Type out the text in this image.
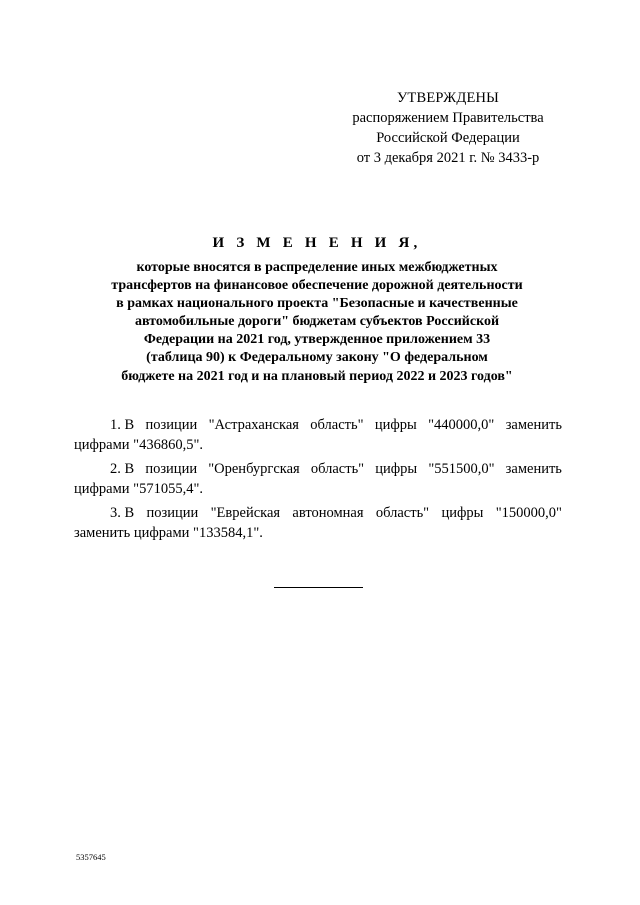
УТВЕРЖДЕНЫ
распоряжением Правительства
Российской Федерации
от 3 декабря 2021 г. № 3433-р
И З М Е Н Е Н И Я,
которые вносятся в распределение иных межбюджетных
трансфертов на финансовое обеспечение дорожной деятельности
в рамках национального проекта "Безопасные и качественные
автомобильные дороги" бюджетам субъектов Российской
Федерации на 2021 год, утвержденное приложением 33
(таблица 90) к Федеральному закону "О федеральном
бюджете на 2021 год и на плановый период 2022 и 2023 годов"
1. В позиции "Астраханская область" цифры "440000,0" заменить
цифрами "436860,5".
2. В позиции "Оренбургская область" цифры "551500,0" заменить
цифрами "571055,4".
3. В позиции "Еврейская автономная область" цифры "150000,0"
заменить цифрами "133584,1".
5357645
